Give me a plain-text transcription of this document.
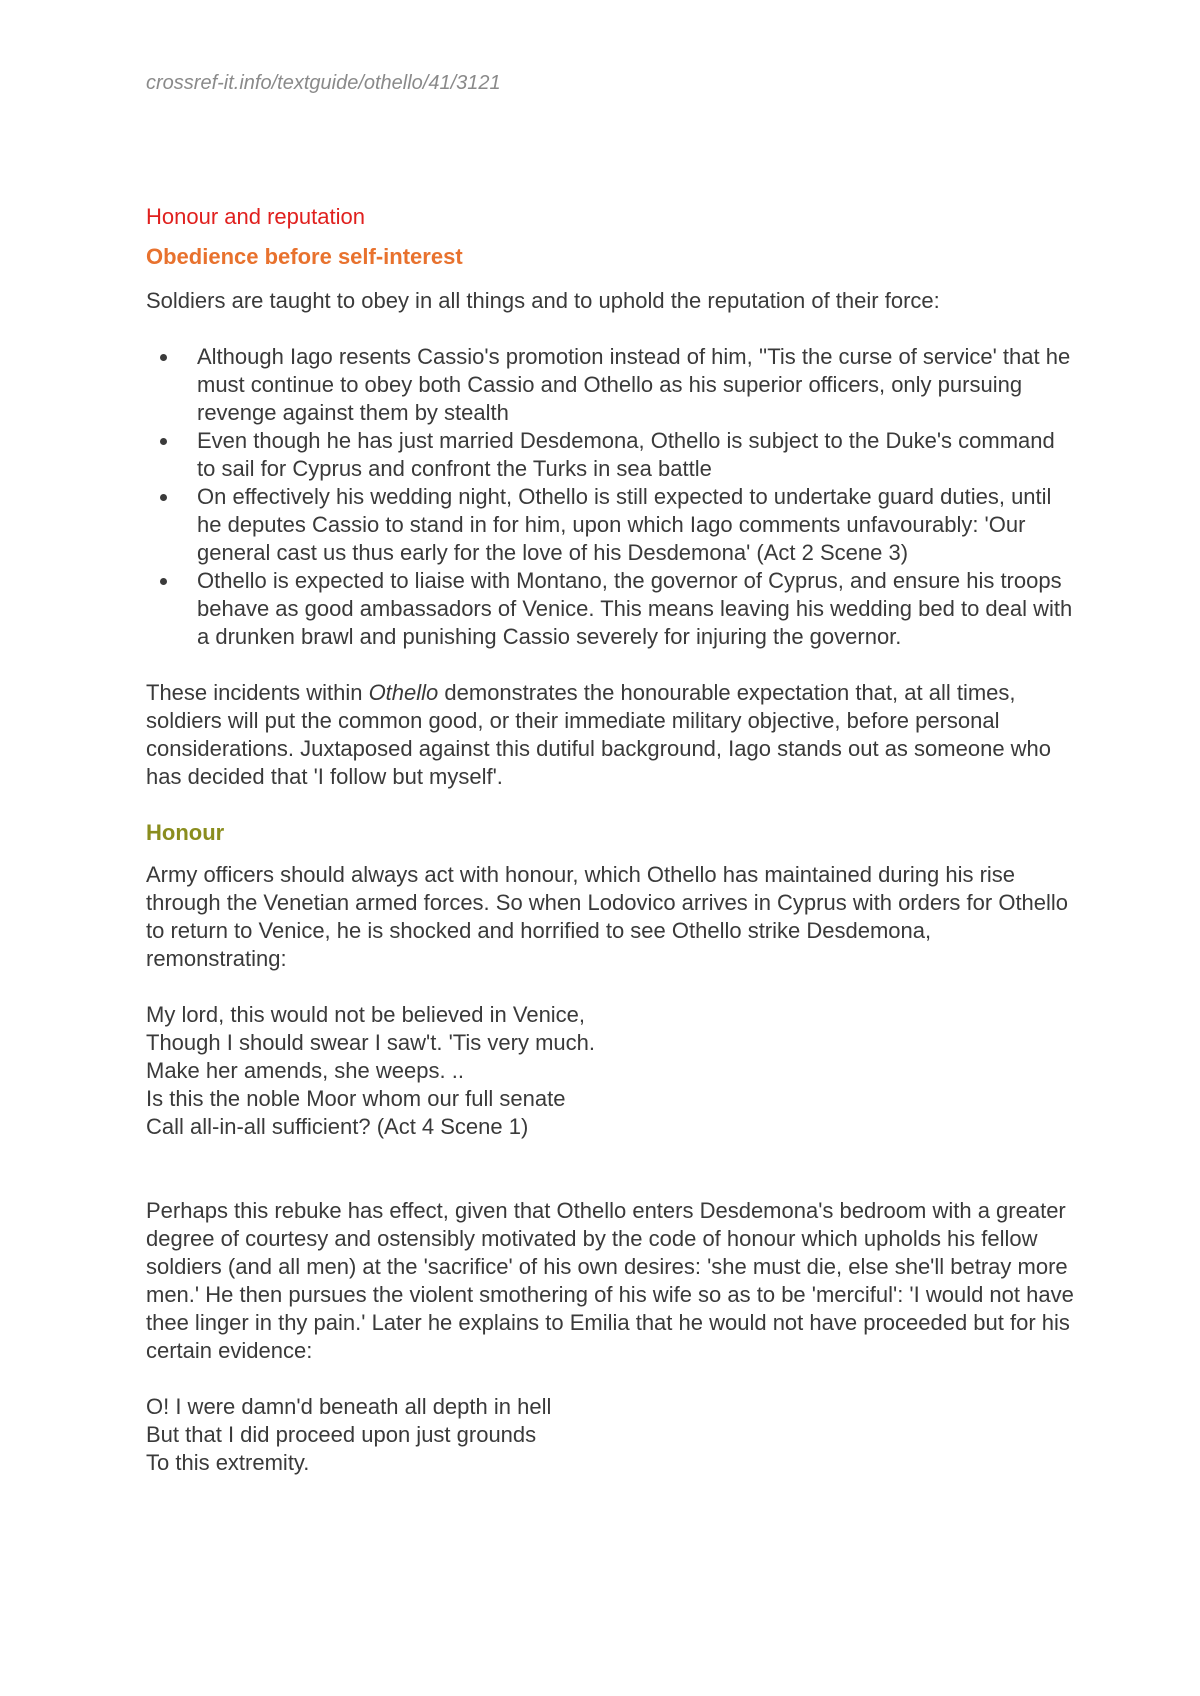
crossref-it.info/textguide/othello/41/3121
Honour and reputation
Obedience before self-interest

Soldiers are taught to obey in all things and to uphold the reputation of their force:

Although Iago resents Cassio's promotion instead of him, ''Tis the curse of service' that he must continue to obey both Cassio and Othello as his superior officers, only pursuing revenge against them by stealth
Even though he has just married Desdemona, Othello is subject to the Duke's command to sail for Cyprus and confront the Turks in sea battle
On effectively his wedding night, Othello is still expected to undertake guard duties, until he deputes Cassio to stand in for him, upon which Iago comments unfavourably: 'Our general cast us thus early for the love of his Desdemona' (Act 2 Scene 3)
Othello is expected to liaise with Montano, the governor of Cyprus, and ensure his troops behave as good ambassadors of Venice. This means leaving his wedding bed to deal with a drunken brawl and punishing Cassio severely for injuring the governor.

These incidents within Othello demonstrates the honourable expectation that, at all times, soldiers will put the common good, or their immediate military objective, before personal considerations. Juxtaposed against this dutiful background, Iago stands out as someone who has decided that 'I follow but myself'.

Honour

Army officers should always act with honour, which Othello has maintained during his rise through the Venetian armed forces. So when Lodovico arrives in Cyprus with orders for Othello to return to Venice, he is shocked and horrified to see Othello strike Desdemona, remonstrating:

My lord, this would not be believed in Venice,
Though I should swear I saw't. 'Tis very much.
Make her amends, she weeps. ..
Is this the noble Moor whom our full senate
Call all-in-all sufficient? (Act 4 Scene 1)

Perhaps this rebuke has effect, given that Othello enters Desdemona's bedroom with a greater degree of courtesy and ostensibly motivated by the code of honour which upholds his fellow soldiers (and all men) at the 'sacrifice' of his own desires: 'she must die, else she'll betray more men.' He then pursues the violent smothering of his wife so as to be 'merciful': 'I would not have thee linger in thy pain.' Later he explains to Emilia that he would not have proceeded but for his certain evidence:

O! I were damn'd beneath all depth in hell
But that I did proceed upon just grounds
To this extremity.
